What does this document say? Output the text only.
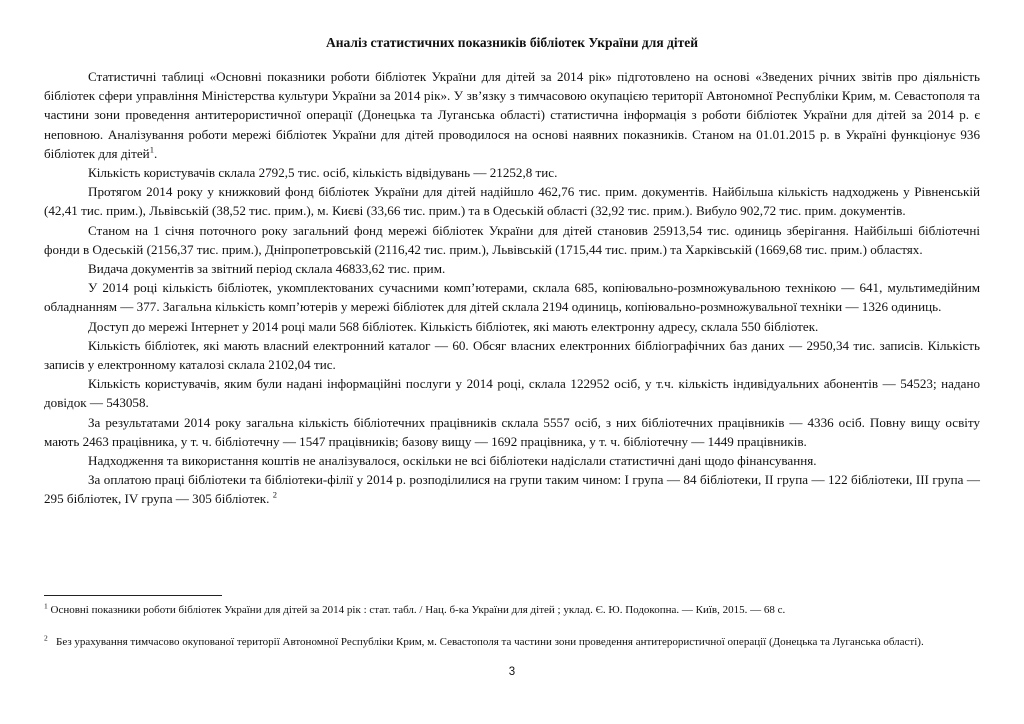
Аналіз статистичних показників бібліотек України для дітей

Статистичні таблиці «Основні показники роботи бібліотек України для дітей за 2014 рік» підготовлено на основі «Зведених річних звітів про діяльність бібліотек сфери управління Міністерства культури України за 2014 рік». У зв’язку з тимчасовою окупацією території Автономної Республіки Крим, м. Севастополя та частини зони проведення антитерористичної операції (Донецька та Луганська області) статистична інформація з роботи бібліотек України для дітей за 2014 р. є неповною. Аналізування роботи мережі бібліотек України для дітей проводилося на основі наявних показників. Станом на 01.01.2015 р. в Україні функціонує 936 бібліотек для дітей$^1$.

Кількість користувачів склала 2792,5 тис. осіб, кількість відвідувань — 21252,8 тис.

Протягом 2014 року у книжковий фонд бібліотек України для дітей надійшло 462,76 тис. прим. документів. Найбільша кількість надходжень у Рівненській (42,41 тис. прим.), Львівській (38,52 тис. прим.), м. Києві (33,66 тис. прим.) та в Одеській області (32,92 тис. прим.). Вибуло 902,72 тис. прим. документів.

Станом на 1 січня поточного року загальний фонд мережі бібліотек України для дітей становив 25913,54 тис. одиниць зберігання. Найбільші бібліотечні фонди в Одеській (2156,37 тис. прим.), Дніпропетровській (2116,42 тис. прим.), Львівській (1715,44 тис. прим.) та Харківській (1669,68 тис. прим.) областях.

Видача документів за звітний період склала 46833,62 тис. прим.

У 2014 році кількість бібліотек, укомплектованих сучасними комп’ютерами, склала 685, копіювально-розмножувальною технікою — 641, мультимедійним обладнанням — 377. Загальна кількість комп’ютерів у мережі бібліотек для дітей склала 2194 одиниць, копіювально-розмножувальної техніки — 1326 одиниць.

Доступ до мережі Інтернет у 2014 році мали 568 бібліотек. Кількість бібліотек, які мають електронну адресу, склала 550 бібліотек.

Кількість бібліотек, які мають власний електронний каталог — 60. Обсяг власних електронних бібліографічних баз даних — 2950,34 тис. записів. Кількість записів у електронному каталозі склала 2102,04 тис.

Кількість користувачів, яким були надані інформаційні послуги у 2014 році, склала 122952 осіб, у т.ч. кількість індивідуальних абонентів — 54523; надано довідок — 543058.

За результатами 2014 року загальна кількість бібліотечних працівників склала 5557 осіб, з них бібліотечних працівників — 4336 осіб. Повну вищу освіту мають 2463 працівника, у т. ч. бібліотечну — 1547 працівників; базову вищу — 1692 працівника, у т. ч. бібліотечну — 1449 працівників.

Надходження та використання коштів не аналізувалося, оскільки не всі бібліотеки надіслали статистичні дані щодо фінансування.

За оплатою праці бібліотеки та бібліотеки-філії у 2014 р. розподілилися на групи таким чином: І група — 84 бібліотеки, ІІ група — 122 бібліотеки, ІІІ група — 295 бібліотек, IV група — 305 бібліотек. $^2$

$^1$ Основні показники роботи бібліотек України для дітей за 2014 рік : стат. табл. / Нац. б-ка України для дітей ; уклад. Є. Ю. Подокопна. — Київ, 2015. — 68 с.
$^2$ Без урахування тимчасово окупованої території Автономної Республіки Крим, м. Севастополя та частини зони проведення антитерористичної операції (Донецька та Луганська області).
3
